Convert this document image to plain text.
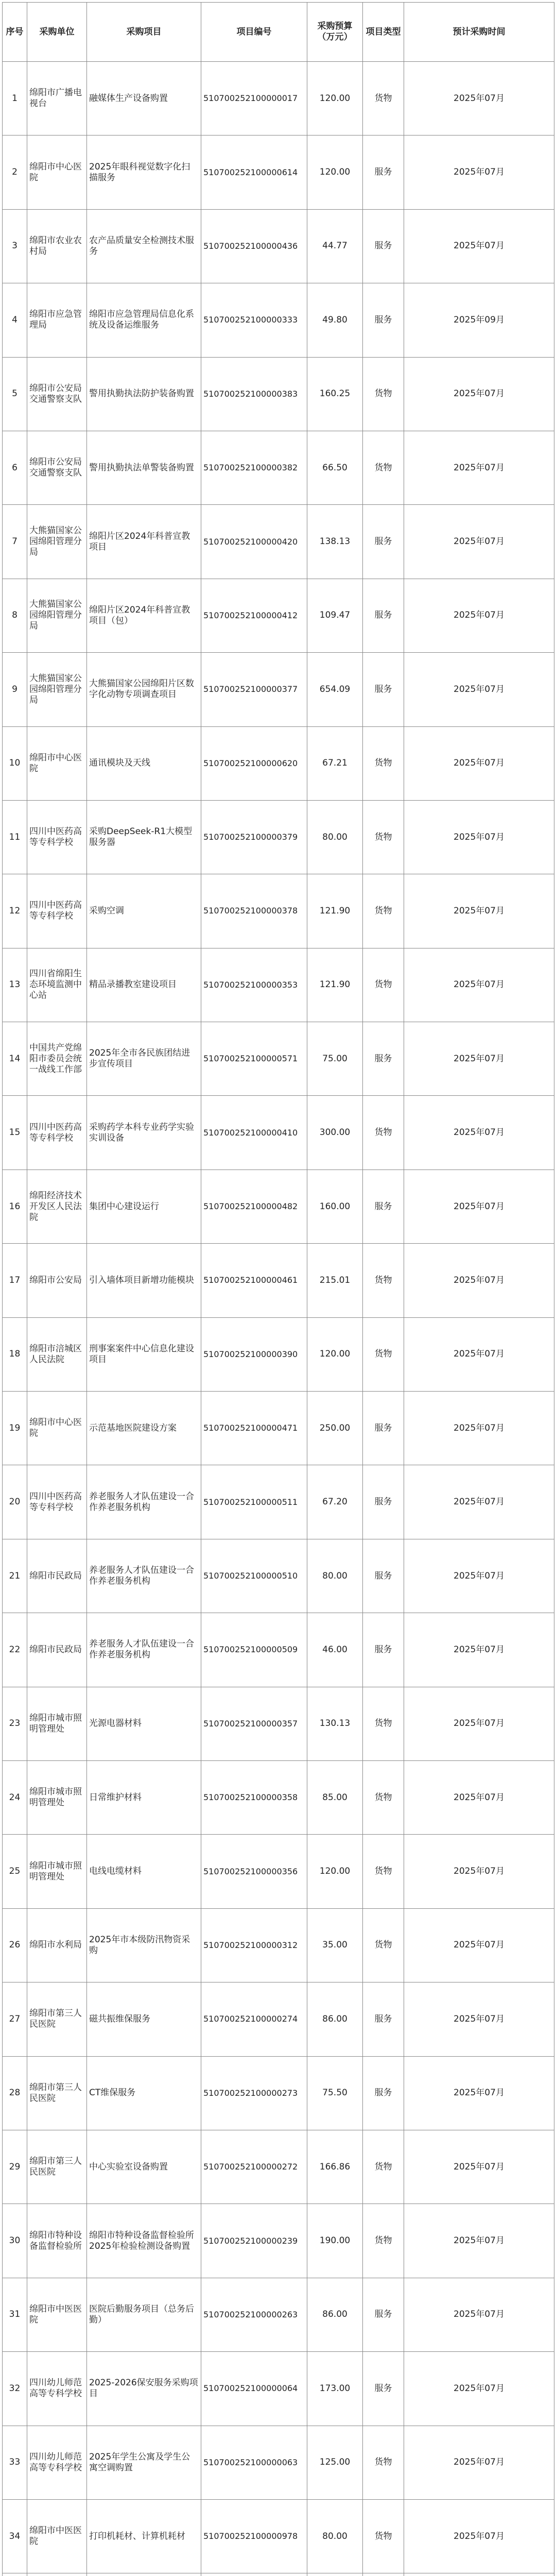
序号	采购单位	采购项目	项目编号	采购预算（万元）	项目类型	预计采购时间
1	绵阳市广播电视台	融媒体生产设备购置	510700252100000017	120.00	货物	2025年07月
2	绵阳市中心医院	2025年眼科视觉数字化扫描服务	510700252100000614	120.00	服务	2025年07月
3	绵阳市农业农村局	农产品质量安全检测技术服务	510700252100000436	44.77	服务	2025年07月
4	绵阳市应急管理局	绵阳市应急管理局信息化系统及设备运维服务	510700252100000333	49.80	服务	2025年09月
5	绵阳市公安局交通警察支队	警用执勤执法防护装备购置	510700252100000383	160.25	货物	2025年07月
6	绵阳市公安局交通警察支队	警用执勤执法单警装备购置	510700252100000382	66.50	货物	2025年07月
7	大熊猫国家公园绵阳管理分局	绵阳片区2024年科普宣教项目	510700252100000420	138.13	服务	2025年07月
8	大熊猫国家公园绵阳管理分局	绵阳片区2024年科普宣教项目（包）	510700252100000412	109.47	服务	2025年07月
9	大熊猫国家公园绵阳管理分局	大熊猫国家公园绵阳片区数字化动物专项调查项目	510700252100000377	654.09	服务	2025年07月
10	绵阳市中心医院	通讯模块及天线	510700252100000620	67.21	货物	2025年07月
11	四川中医药高等专科学校	采购DeepSeek-R1大模型服务器	510700252100000379	80.00	货物	2025年07月
12	四川中医药高等专科学校	采购空调	510700252100000378	121.90	货物	2025年07月
13	四川省绵阳生态环境监测中心站	精品录播教室建设项目	510700252100000353	121.90	货物	2025年07月
14	中国共产党绵阳市委员会统一战线工作部	2025年全市各民族团结进步宣传项目	510700252100000571	75.00	服务	2025年07月
15	四川中医药高等专科学校	采购药学本科专业药学实验实训设备	510700252100000410	300.00	货物	2025年07月
16	绵阳经济技术开发区人民法院	集团中心建设运行	510700252100000482	160.00	服务	2025年07月
17	绵阳市公安局	引入墙体项目新增功能模块	510700252100000461	215.01	货物	2025年07月
18	绵阳市涪城区人民法院	刑事案案件中心信息化建设项目	510700252100000390	120.00	货物	2025年07月
19	绵阳市中心医院	示范基地医院建设方案	510700252100000471	250.00	服务	2025年07月
20	四川中医药高等专科学校	养老服务人才队伍建设一合作养老服务机构	510700252100000511	67.20	服务	2025年07月
21	绵阳市民政局	养老服务人才队伍建设一合作养老服务机构	510700252100000510	80.00	服务	2025年07月
22	绵阳市民政局	养老服务人才队伍建设一合作养老服务机构	510700252100000509	46.00	服务	2025年07月
23	绵阳市城市照明管理处	光源电器材料	510700252100000357	130.13	货物	2025年07月
24	绵阳市城市照明管理处	日常维护材料	510700252100000358	85.00	货物	2025年07月
25	绵阳市城市照明管理处	电线电缆材料	510700252100000356	120.00	货物	2025年07月
26	绵阳市水利局	2025年市本级防汛物资采购	510700252100000312	35.00	货物	2025年07月
27	绵阳市第三人民医院	磁共振维保服务	510700252100000274	86.00	服务	2025年07月
28	绵阳市第三人民医院	CT维保服务	510700252100000273	75.50	服务	2025年07月
29	绵阳市第三人民医院	中心实验室设备购置	510700252100000272	166.86	货物	2025年07月
30	绵阳市特种设备监督检验所	绵阳市特种设备监督检验所2025年检验检测设备购置	510700252100000239	190.00	货物	2025年07月
31	绵阳市中医医院	医院后勤服务项目（总务后勤）	510700252100000263	86.00	服务	2025年07月
32	四川幼儿师范高等专科学校	2025-2026保安服务采购项目	510700252100000064	173.00	服务	2025年07月
33	四川幼儿师范高等专科学校	2025年学生公寓及学生公寓空调购置	510700252100000063	125.00	货物	2025年07月
34	绵阳市中医医院	打印机耗材、计算机耗材	510700252100000978	80.00	货物	2025年07月
